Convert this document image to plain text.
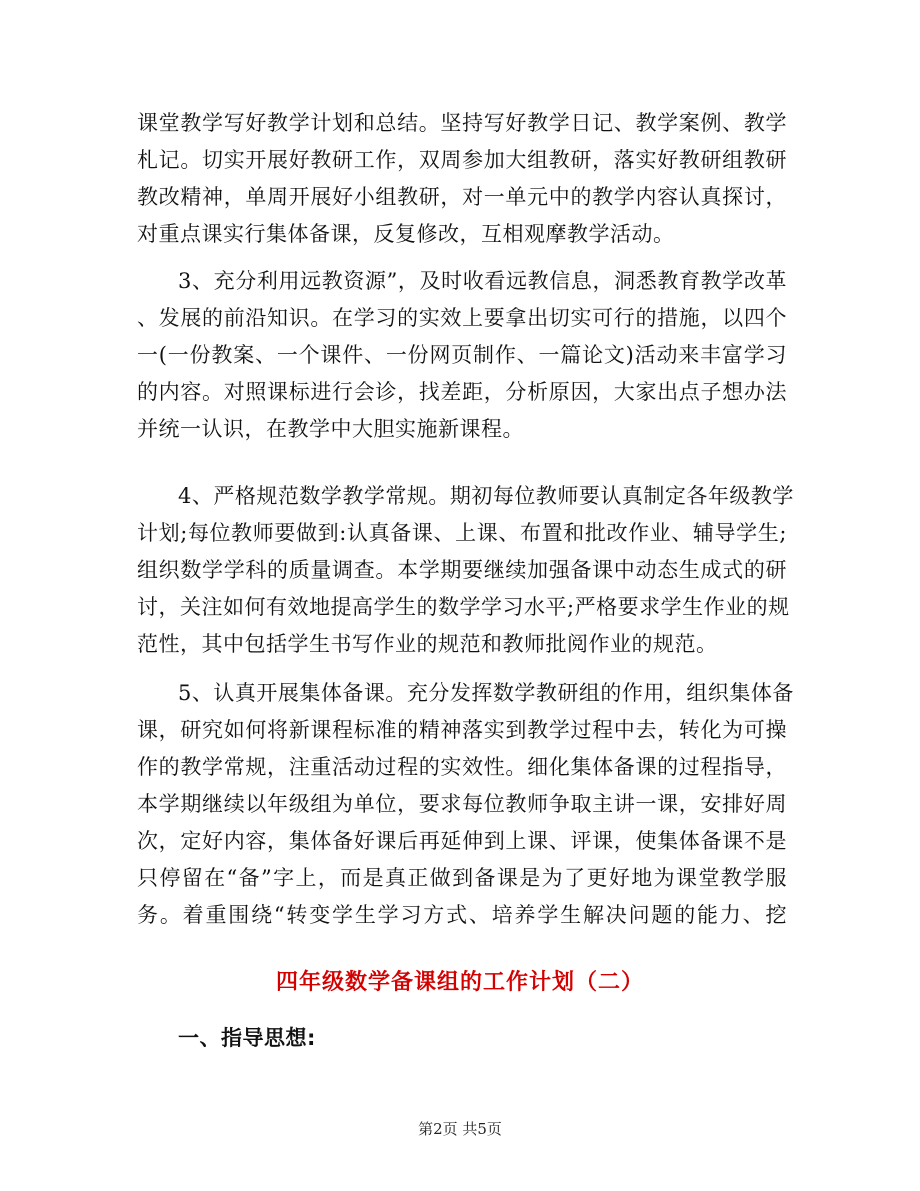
课堂教学写好教学计划和总结。坚持写好教学日记、教学案例、教学
札记。切实开展好教研工作，双周参加大组教研，落实好教研组教研
教改精神，单周开展好小组教研，对一单元中的教学内容认真探讨，
对重点课实行集体备课，反复修改，互相观摩教学活动。
3、充分利用远教资源”，及时收看远教信息，洞悉教育教学改革
、发展的前沿知识。在学习的实效上要拿出切实可行的措施，以四个
一(一份教案、一个课件、一份网页制作、一篇论文)活动来丰富学习
的内容。对照课标进行会诊，找差距，分析原因，大家出点子想办法
并统一认识，在教学中大胆实施新课程。
4、严格规范数学教学常规。期初每位教师要认真制定各年级教学
计划;每位教师要做到:认真备课、上课、布置和批改作业、辅导学生;
组织数学学科的质量调查。本学期要继续加强备课中动态生成式的研
讨，关注如何有效地提高学生的数学学习水平;严格要求学生作业的规
范性，其中包括学生书写作业的规范和教师批阅作业的规范。
5、认真开展集体备课。充分发挥数学教研组的作用，组织集体备
课，研究如何将新课程标准的精神落实到教学过程中去，转化为可操
作的教学常规，注重活动过程的实效性。细化集体备课的过程指导，
本学期继续以年级组为单位，要求每位教师争取主讲一课，安排好周
次，定好内容，集体备好课后再延伸到上课、评课，使集体备课不是
只停留在“备”字上，而是真正做到备课是为了更好地为课堂教学服
务。着重围绕“转变学生学习方式、培养学生解决问题的能力、挖
四年级数学备课组的工作计划（二）
一、指导思想:
第2页 共5页
